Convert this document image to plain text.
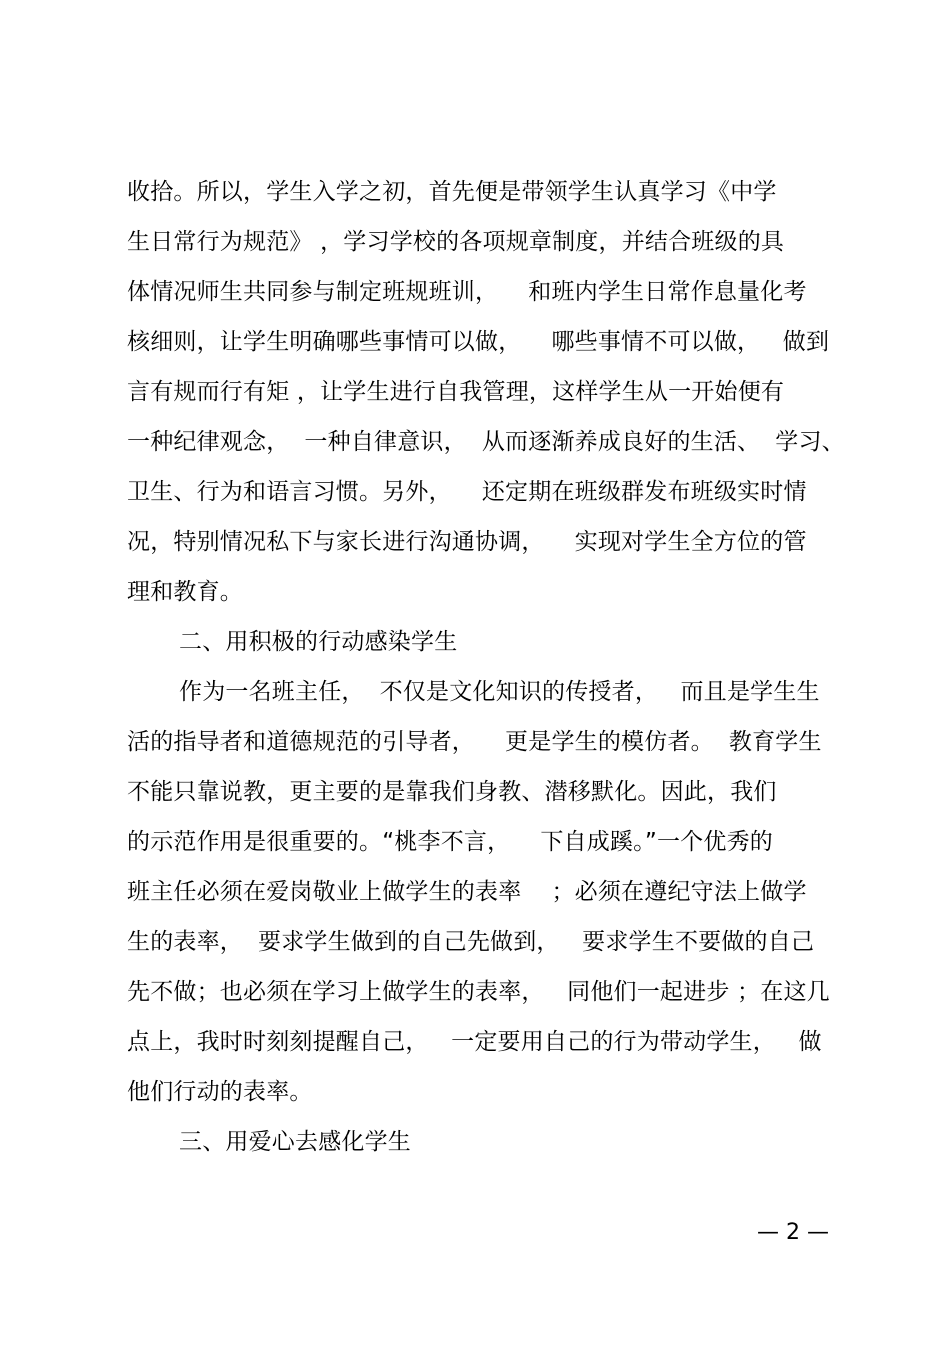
收拾。所以，学生入学之初，首先便是带领学生认真学习《中学
生日常行为规范》 ，学习学校的各项规章制度，并结合班级的具
体情况师生共同参与制定班规班训，    和班内学生日常作息量化考
核细则，让学生明确哪些事情可以做，    哪些事情不可以做，   做到
言有规而行有矩 ，让学生进行自我管理，这样学生从一开始便有
一种纪律观念，  一种自律意识，  从而逐渐养成良好的生活、  学习、
卫生、行为和语言习惯。另外，    还定期在班级群发布班级实时情
况，特别情况私下与家长进行沟通协调，    实现对学生全方位的管
理和教育。
二、用积极的行动感染学生
作为一名班主任，  不仅是文化知识的传授者，   而且是学生生
活的指导者和道德规范的引导者，    更是学生的模仿者。  教育学生
不能只靠说教，更主要的是靠我们身教、潜移默化。因此，我们
的示范作用是很重要的。“桃李不言，    下自成蹊。”一个优秀的
班主任必须在爱岗敬业上做学生的表率    ；必须在遵纪守法上做学
生的表率，  要求学生做到的自己先做到，   要求学生不要做的自己
先不做；也必须在学习上做学生的表率，   同他们一起进步 ；在这几
点上，我时时刻刻提醒自己，   一定要用自己的行为带动学生，   做
他们行动的表率。
三、用爱心去感化学生
— 2 —
